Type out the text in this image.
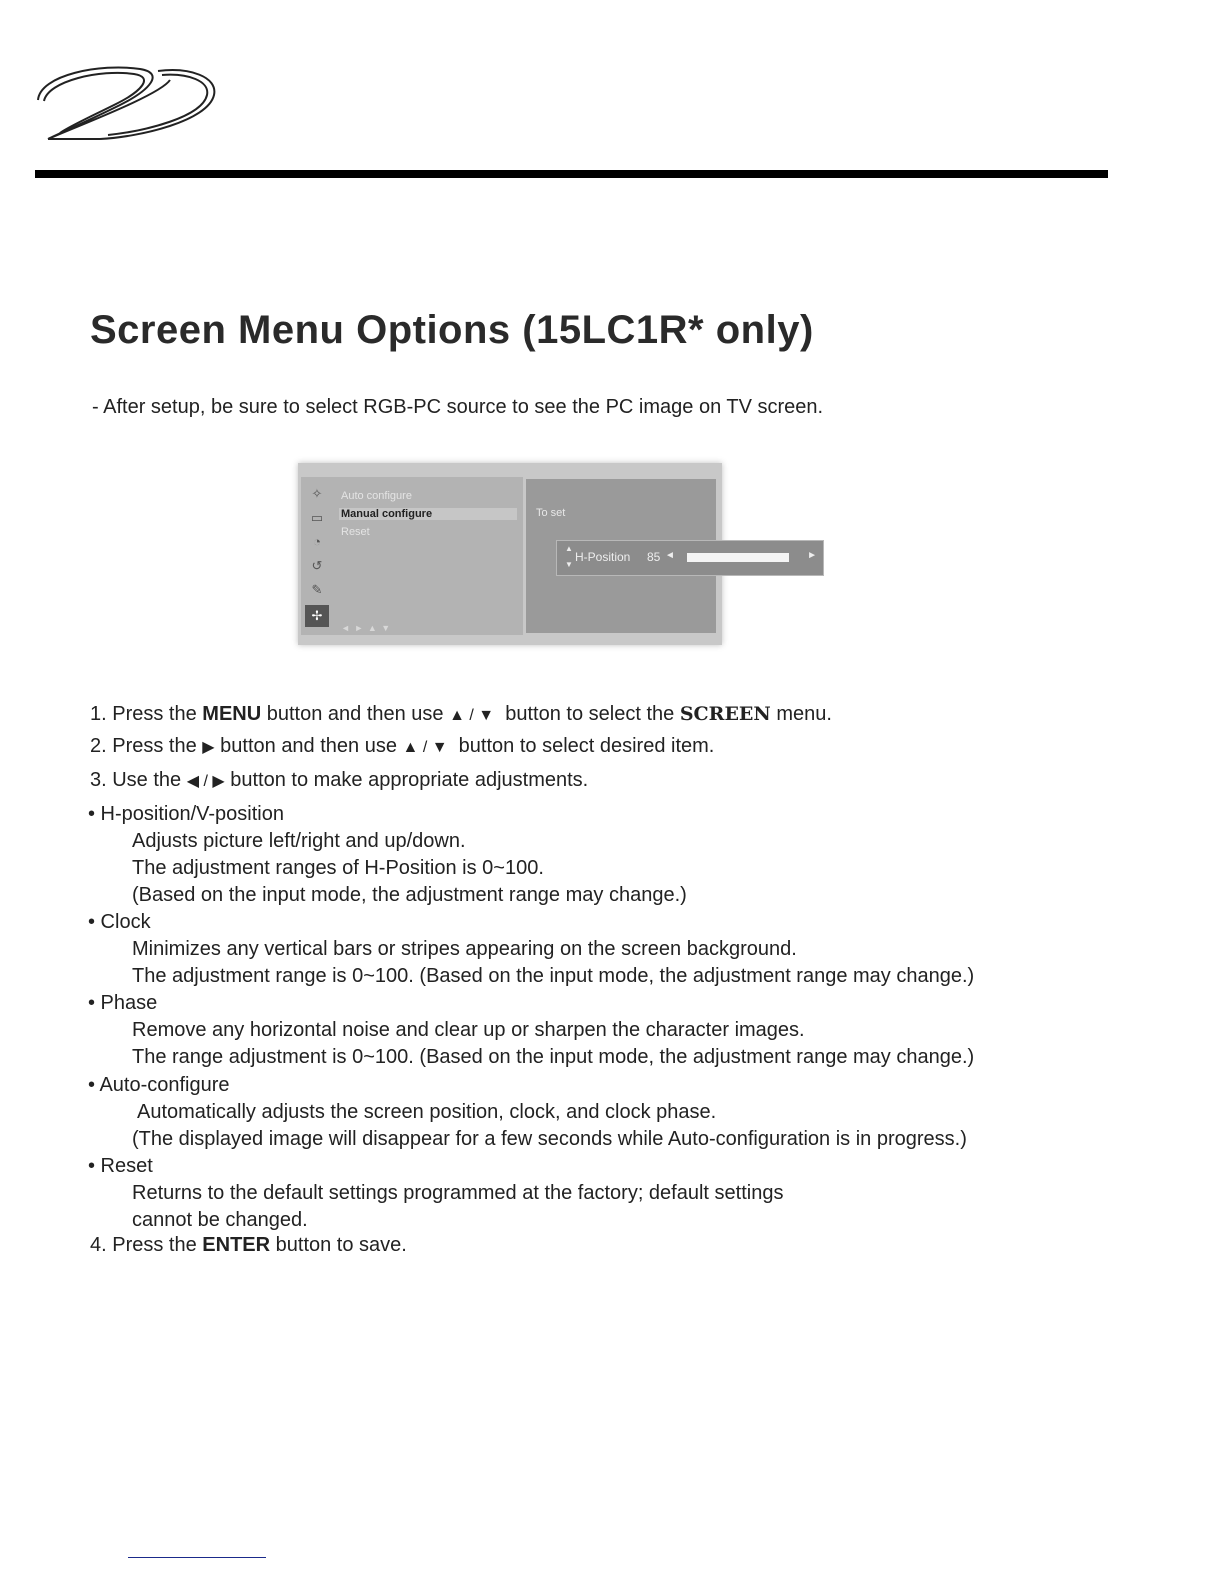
Screen Menu Options (15LC1R* only)
- After setup, be sure to select RGB-PC source to see the PC image on TV screen.
✧
▭
◔
↺
✎
✢
Auto configure
Manual configure
Reset
◄ ► ▲ ▼
To set
▲
▼
H-Position 85 ◄	►
1. Press the MENU button and then use ▲ / ▼  button to select the SCREEN menu.
2. Press the ▶ button and then use ▲ / ▼  button to select desired item.
3. Use the ◀ / ▶ button to make appropriate adjustments.
• H-position/V-position
Adjusts picture left/right and up/down.
The adjustment ranges of H-Position is 0~100.
(Based on the input mode, the adjustment range may change.)
• Clock
Minimizes any vertical bars or stripes appearing on the screen background.
The adjustment range is 0~100. (Based on the input mode, the adjustment range may change.)
• Phase
Remove any horizontal noise and clear up or sharpen the character images.
The range adjustment is 0~100. (Based on the input mode, the adjustment range may change.)
• Auto-configure
Automatically adjusts the screen position, clock, and clock phase.
(The displayed image will disappear for a few seconds while Auto-configuration is in progress.)
• Reset
Returns to the default settings programmed at the factory; default settings
cannot be changed.
4. Press the ENTER button to save.
